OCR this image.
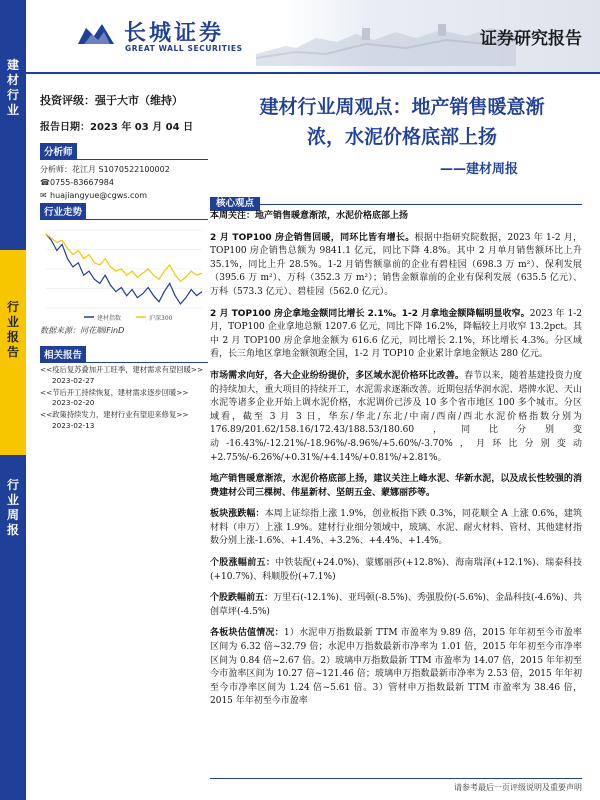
建
材
行
业
行
业
报
告
行
业
周
报
长城证券
GREAT WALL SECURITIES	证券研究报告
投资评级：强于大市（维持）
报告日期：2023 年 03 月 04 日
分析师
分析师：花江月 S1070522100002
☎0755-83667984
✉ huajiangyue@cgws.com
行业走势
建材指数	沪深300
数据来源：同花顺iFinD
相关报告
<<疫后复苏叠加开工旺季，建材需求有望回暖>>
2023-02-27
<<节后开工持续恢复，建材需求逐步回暖>>
2023-02-20
<<政策持续发力，建材行业有望迎来修复>>
2023-02-13
建材行业周观点：地产销售暖意渐
浓，水泥价格底部上扬
——建材周报
核心观点

本周关注：地产销售暖意渐浓，水泥价格底部上扬

2 月 TOP100 房企销售回暖，同环比皆有增长。根据中指研究院数据，2023 年 1-2 月，TOP100 房企销售总额为 9841.1 亿元，同比下降 4.8%。其中 2 月单月销售额环比上升 35.1%，同比上升 28.5%。1-2 月销售额靠前的企业有碧桂园（698.3 万 m²）、保利发展（395.6 万 m²）、万科（352.3 万 m²）；销售金额靠前的企业有保利发展（635.5 亿元）、万科（573.3 亿元）、碧桂园（562.0 亿元）。

2 月 TOP100 房企拿地金额同比增长 2.1%。1-2 月拿地金额降幅明显收窄。2023 年 1-2 月，TOP100 企业拿地总额 1207.6 亿元，同比下降 16.2%，降幅较上月收窄 13.2pct。其中 2 月 TOP100 房企拿地金额为 616.6 亿元，同比增长 2.1%，环比增长 4.3%。分区域看，长三角地区拿地金额领跑全国，1-2 月 TOP10 企业累计拿地金额达 280 亿元。

市场需求向好，各大企业纷纷提价，多区域水泥价格环比改善。春节以来，随着基建投资力度的持续加大，重大项目的持续开工，水泥需求逐渐改善。近期包括华润水泥、塔牌水泥、天山水泥等诸多企业开始上调水泥价格，水泥调价已涉及 10 多个省市地区 100 多个城市。分区域看，截至 3 月 3 日，华东/华北/东北/中南/西南/西北水泥价格指数分别为 176.89/201.62/158.16/172.43/188.53/180.60，同比分别变动-16.43%/-12.21%/-18.96%/-8.96%/+5.60%/-3.70%，月环比分别变动+2.75%/-6.26%/+0.31%/+4.14%/+0.81%/+2.81%。

地产销售暖意渐浓，水泥价格底部上扬，建议关注上峰水泥、华新水泥，以及成长性较强的消费建材公司三棵树、伟星新材、坚朗五金、蒙娜丽莎等。

板块涨跌幅：本周上证综指上涨 1.9%，创业板指下跌 0.3%，同花顺全 A 上涨 0.6%，建筑材料（申万）上涨 1.9%。建材行业细分领域中，玻璃、水泥、耐火材料、管材、其他建材指数分别上涨-1.6%、+1.4%、+3.2%、+4.4%、+1.4%。

个股涨幅前五：中铁装配(+24.0%)、蒙娜丽莎(+12.8%)、海南瑞泽(+12.1%)、瑞泰科技(+10.7%)、科顺股份(+7.1%)

个股跌幅前五：万里石(-12.1%)、亚玛顿(-8.5%)、秀强股份(-5.6%)、金晶科技(-4.6%)、共创草坪(-4.5%)

各板块估值情况：1）水泥申万指数最新 TTM 市盈率为 9.89 倍，2015 年年初至今市盈率区间为 6.32 倍~32.79 倍；水泥申万指数最新市净率为 1.01 倍，2015 年年初至今市净率区间为 0.84 倍~2.67 倍。2）玻璃申万指数最新 TTM 市盈率为 14.07 倍，2015 年年初至今市盈率区间为 10.27 倍~121.46 倍；玻璃申万指数最新市净率为 2.53 倍，2015 年年初至今市净率区间为 1.24 倍~5.61 倍。3）管材申万指数最新 TTM 市盈率为 38.46 倍，2015 年年初至今市盈率

请参考最后一页评级说明及重要声明
